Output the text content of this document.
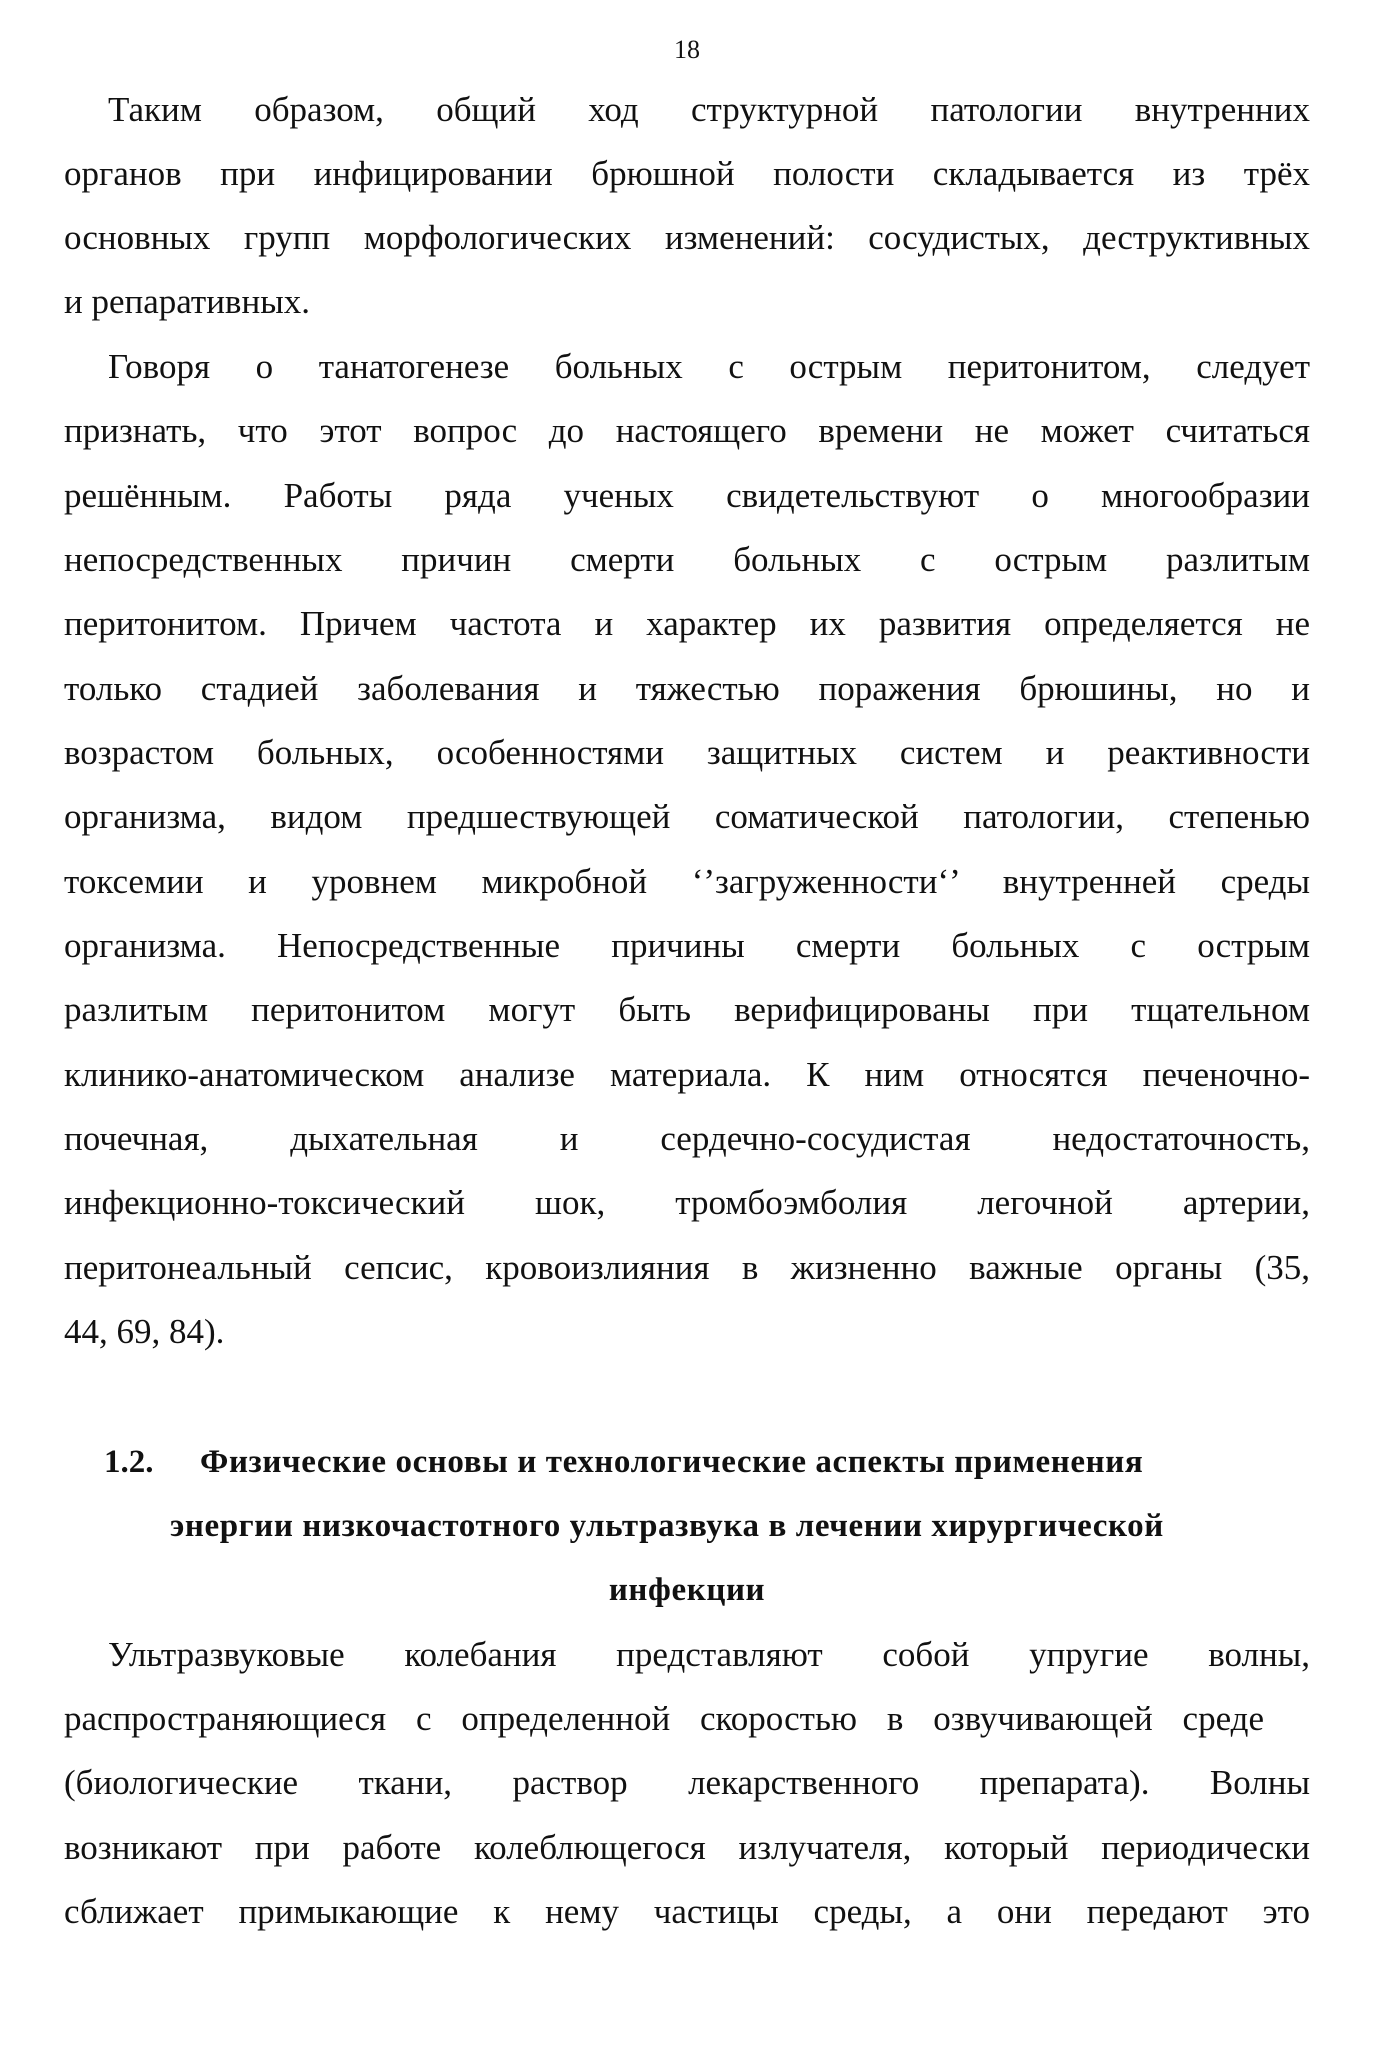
18
Таким образом, общий ход структурной патологии внутренних
органов при инфицировании брюшной полости складывается из трёх
основных групп морфологических изменений: сосудистых, деструктивных
и репаративных.
Говоря о танатогенезе больных с острым перитонитом, следует
признать, что этот вопрос до настоящего времени не может считаться
решённым. Работы ряда ученых свидетельствуют о многообразии
непосредственных причин смерти больных с острым разлитым
перитонитом. Причем частота и характер их развития определяется не
только стадией заболевания и тяжестью поражения брюшины, но и
возрастом больных, особенностями защитных систем и реактивности
организма, видом предшествующей соматической патологии, степенью
токсемии и уровнем микробной ‘’загруженности‘’ внутренней среды
организма. Непосредственные причины смерти больных с острым
разлитым перитонитом могут быть верифицированы при тщательном
клинико-анатомическом анализе материала. К ним относятся печеночно-
почечная, дыхательная и сердечно-сосудистая недостаточность,
инфекционно-токсический шок, тромбоэмболия легочной артерии,
перитонеальный сепсис, кровоизлияния в жизненно важные органы (35,
44, 69, 84).
1.2. Физические основы и технологические аспекты применения
энергии низкочастотного ультразвука в лечении хирургической
инфекции
Ультразвуковые колебания представляют собой упругие волны,
распространяющиеся с определенной скоростью в озвучивающей среде
(биологические ткани, раствор лекарственного препарата). Волны
возникают при работе колеблющегося излучателя, который периодически
сближает примыкающие к нему частицы среды, а они передают это
